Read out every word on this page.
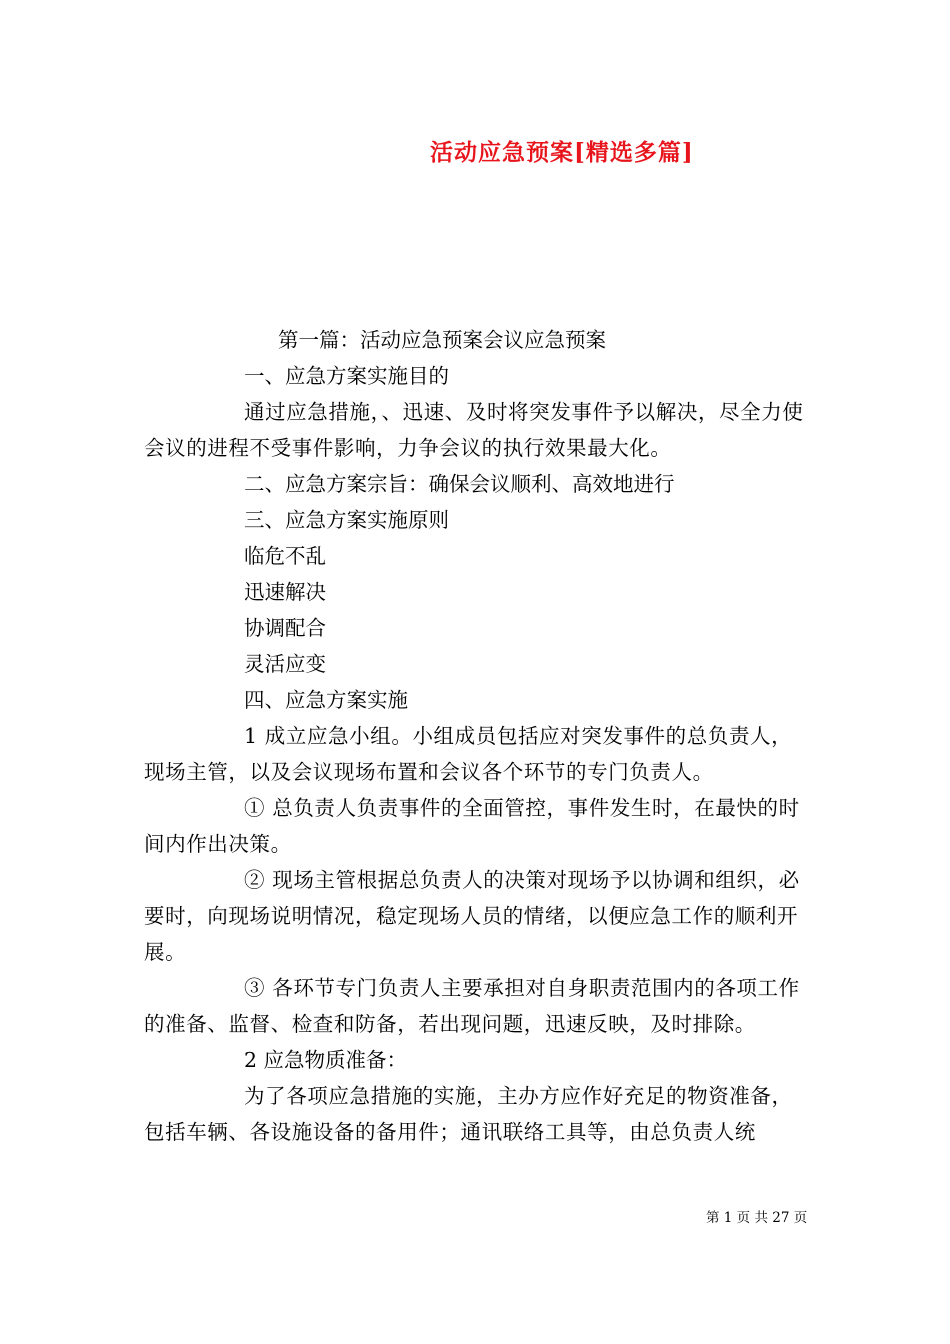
活动应急预案[精选多篇]

第一篇：活动应急预案会议应急预案

一、应急方案实施目的

通过应急措施，、迅速、及时将突发事件予以解决，尽全力使会议的进程不受事件影响，力争会议的执行效果最大化。

二、应急方案宗旨：确保会议顺利、高效地进行

三、应急方案实施原则

临危不乱

迅速解决

协调配合

灵活应变

四、应急方案实施

1 成立应急小组。小组成员包括应对突发事件的总负责人，现场主管，以及会议现场布置和会议各个环节的专门负责人。

① 总负责人负责事件的全面管控，事件发生时，在最快的时间内作出决策。

② 现场主管根据总负责人的决策对现场予以协调和组织，必要时，向现场说明情况，稳定现场人员的情绪，以便应急工作的顺利开展。

③ 各环节专门负责人主要承担对自身职责范围内的各项工作的准备、监督、检查和防备，若出现问题，迅速反映，及时排除。

2 应急物质准备：

为了各项应急措施的实施，主办方应作好充足的物资准备，包括车辆、各设施设备的备用件；通讯联络工具等，由总负责人统

第 1 页 共 27 页
